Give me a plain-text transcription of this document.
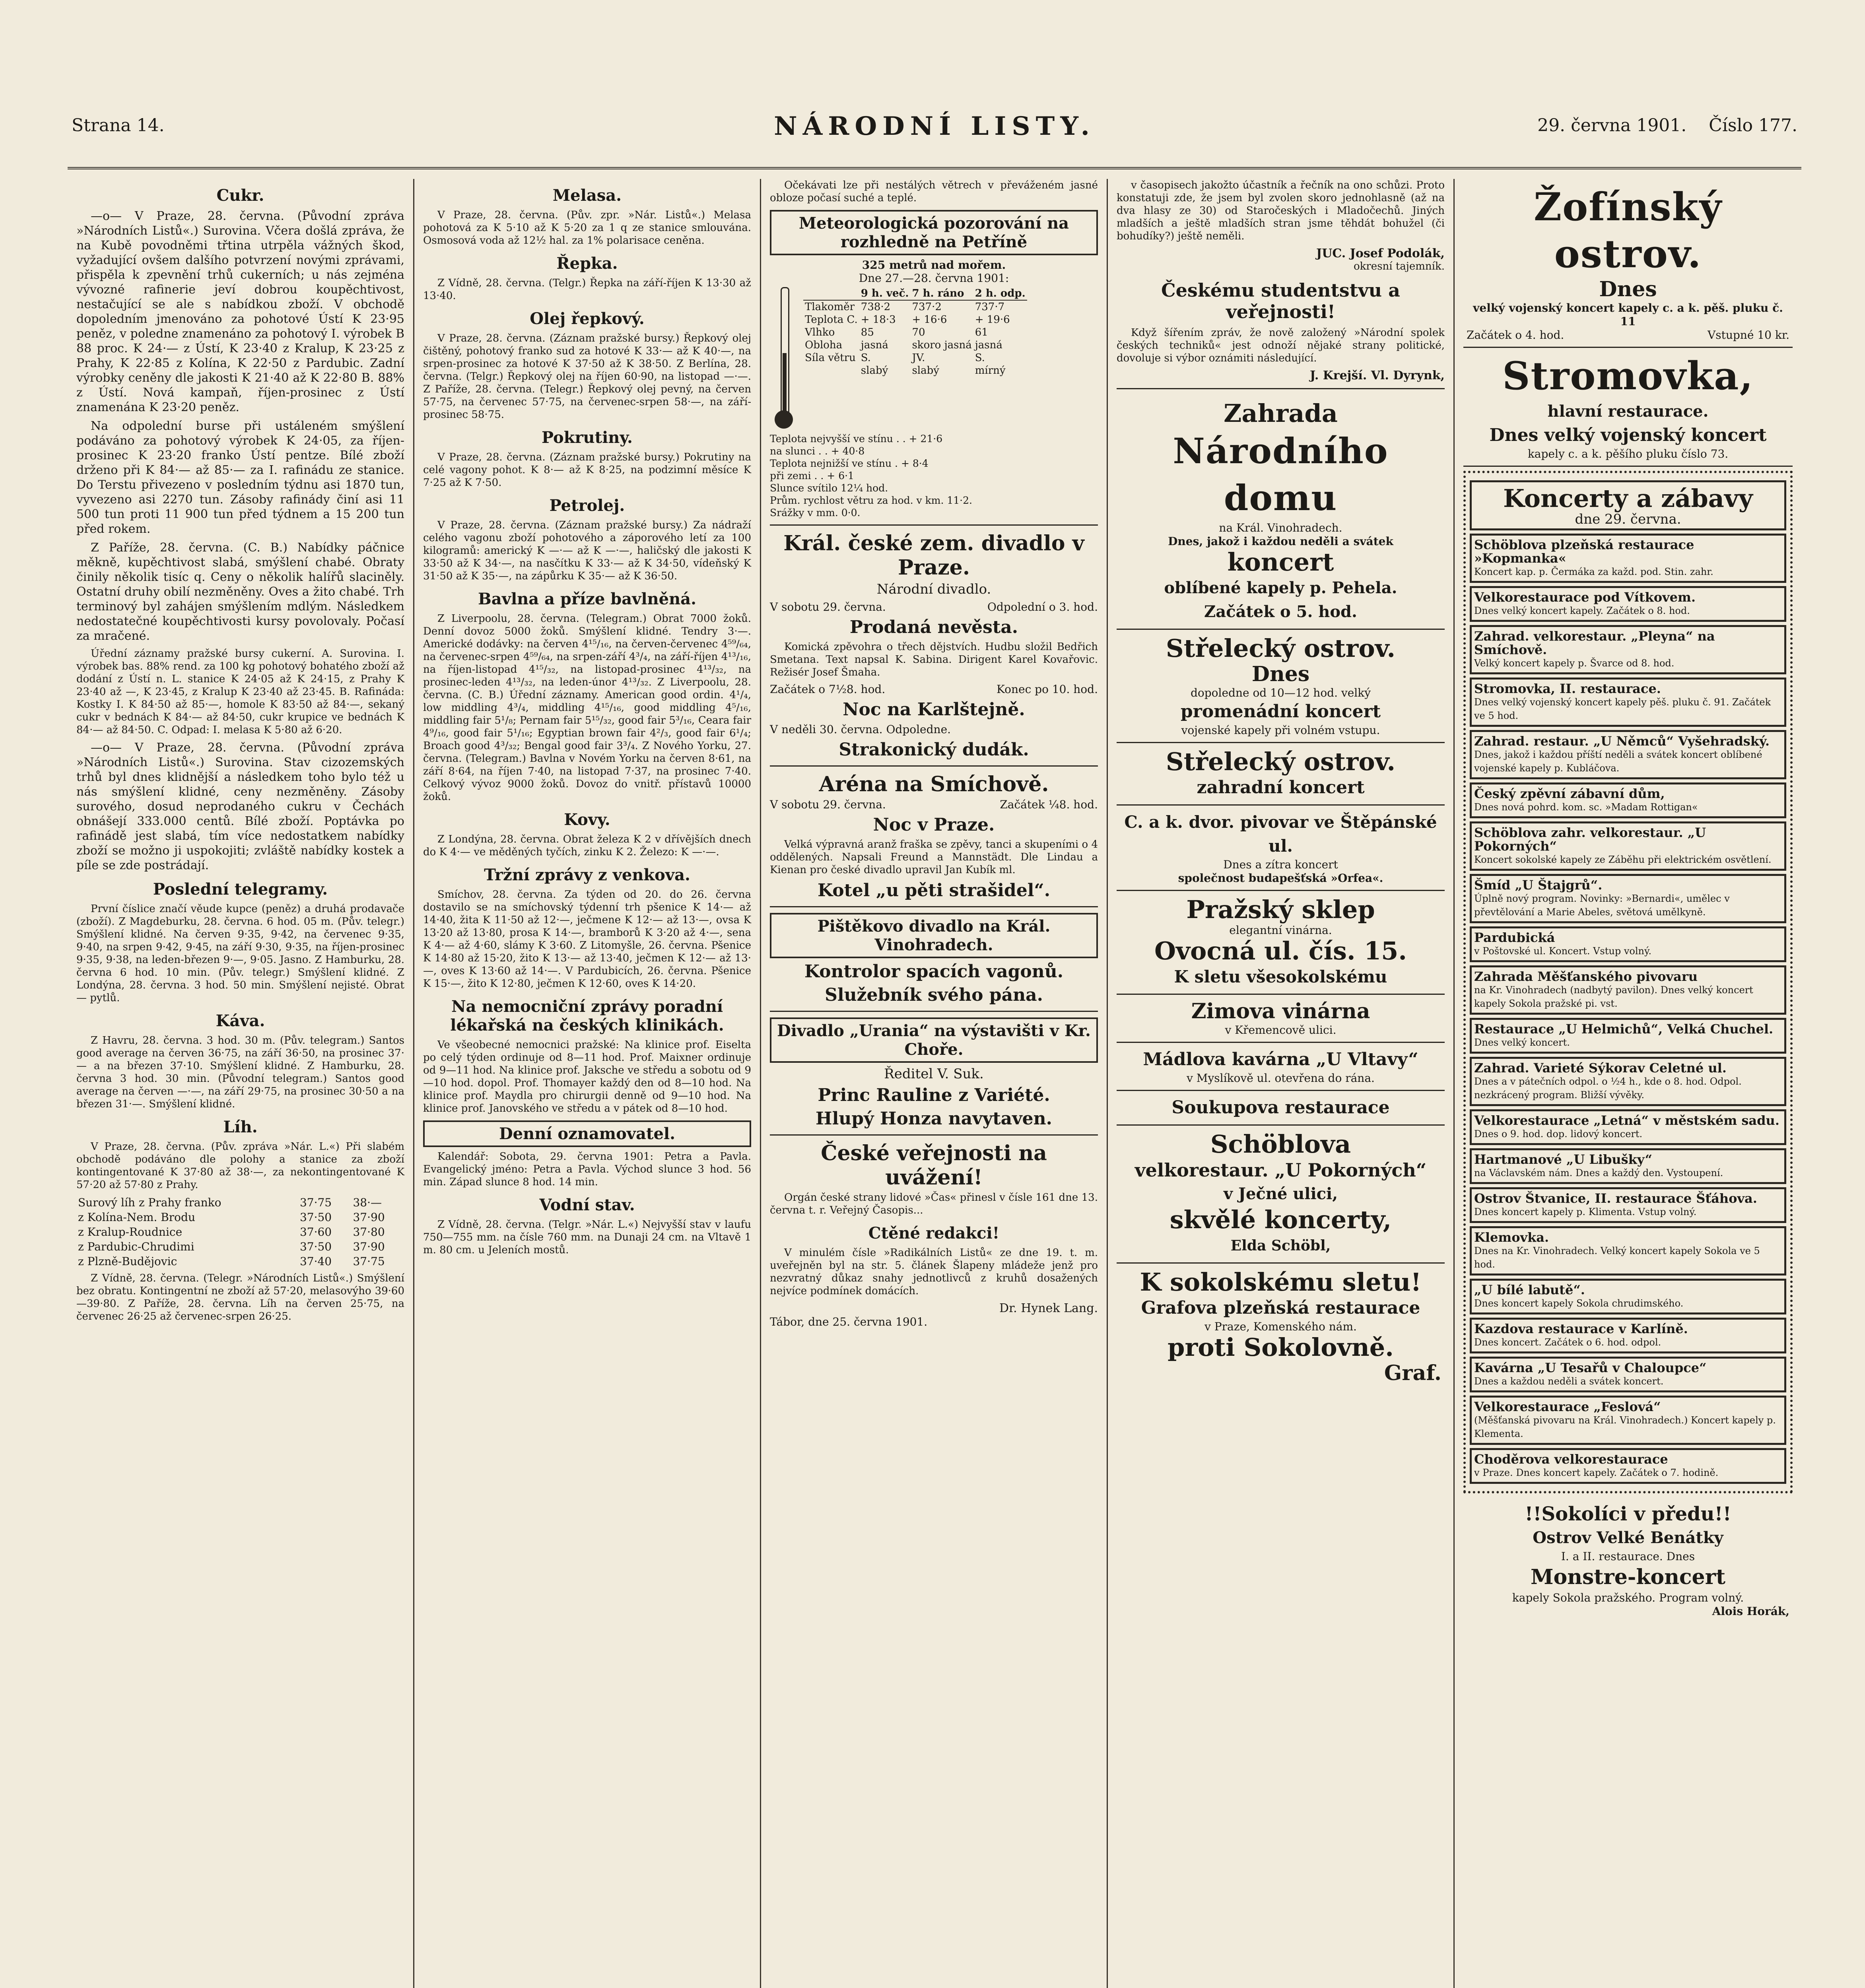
Strana 14.	NÁRODNÍ LISTY.	29. června 1901. Číslo 177.
Cukr.

—o— V Praze, 28. června. (Původní zpráva »Národních Listů«.) Surovina. Včera došlá zpráva, že na Kubě povodněmi třtina utrpěla vážných škod, vyžadující ovšem dalšího potvrzení novými zprávami, přispěla k zpevnění trhů cukerních; u nás zejména vývozné rafinerie jeví dobrou koupěchtivost, nestačující se ale s nabídkou zboží. V obchodě dopoledním jmenováno za pohotové Ústí K 23·95 peněz, v poledne znamenáno za pohotový I. výrobek B 88 proc. K 24·— z Ústí, K 23·40 z Kralup, K 23·25 z Prahy, K 22·85 z Kolína, K 22·50 z Pardubic. Zadní výrobky ceněny dle jakosti K 21·40 až K 22·80 B. 88% z Ústí. Nová kampaň, říjen-prosinec z Ústí znamenána K 23·20 peněz.

Na odpolední burse při ustáleném smýšlení podáváno za pohotový výrobek K 24·05, za říjen-prosinec K 23·20 franko Ústí pentze. Bílé zboží drženo při K 84·— až 85·— za I. rafinádu ze stanice. Do Terstu přivezeno v posledním týdnu asi 1870 tun, vyvezeno asi 2270 tun. Zásoby rafinády činí asi 11 500 tun proti 11 900 tun před týdnem a 15 200 tun před rokem.

Z Paříže, 28. června. (C. B.) Nabídky páčnice měkně, kupěchtivost slabá, smýšlení chabé. Obraty činily několik tisíc q. Ceny o několik halířů slaciněly. Ostatní druhy obilí nezměněny. Oves a žito chabé. Trh terminový byl zahájen smýšlením mdlým. Následkem nedostatečné koupěchtivosti kursy povolovaly. Počasí za mračené.

Úřední záznamy pražské bursy cukerní. A. Surovina. I. výrobek bas. 88% rend. za 100 kg pohotový bohatého zboží až dodání z Ústí n. L. stanice K 24·05 až K 24·15, z Prahy K 23·40 až —, K 23·45, z Kralup K 23·40 až 23·45. B. Rafináda: Kostky I. K 84·50 až 85·—, homole K 83·50 až 84·—, sekaný cukr v bednách K 84·— až 84·50, cukr krupice ve bednách K 84·— až 84·50. C. Odpad: I. melasa K 5·80 až 6·20.

—o— V Praze, 28. června. (Původní zpráva »Národních Listů«.) Surovina. Stav cizozemských trhů byl dnes klidnější a následkem toho bylo též u nás smýšlení klidné, ceny nezměněny. Zásoby surového, dosud neprodaného cukru v Čechách obnášejí 333.000 centů. Bílé zboží. Poptávka po rafinádě jest slabá, tím více nedostatkem nabídky zboží se možno ji uspokojiti; zvláště nabídky kostek a píle se zde postrádají.

Poslední telegramy.

První číslice značí věude kupce (peněz) a druhá prodavače (zboží). Z Magdeburku, 28. června. 6 hod. 05 m. (Pův. telegr.) Smýšlení klidné. Na červen 9·35, 9·42, na červenec 9·35, 9·40, na srpen 9·42, 9·45, na září 9·30, 9·35, na říjen-prosinec 9·35, 9·38, na leden-březen 9·—, 9·05. Jasno. Z Hamburku, 28. června 6 hod. 10 min. (Pův. telegr.) Smýšlení klidné. Z Londýna, 28. června. 3 hod. 50 min. Smýšlení nejisté. Obrat — pytlů.

Káva.

Z Havru, 28. června. 3 hod. 30 m. (Pův. telegram.) Santos good average na červen 36·75, na září 36·50, na prosinec 37·— a na březen 37·10. Smýšlení klidné. Z Hamburku, 28. června 3 hod. 30 min. (Původní telegram.) Santos good average na červen —·—, na září 29·75, na prosinec 30·50 a na březen 31·—. Smýšlení klidné.

Líh.

V Praze, 28. června. (Pův. zpráva »Nár. L.«) Při slabém obchodě podáváno dle polohy a stanice za zboží kontingentované K 37·80 až 38·—, za nekontingentované K 57·20 až 57·80 z Prahy.

Surový líh z Prahy franko	37·75	38·—
z Kolína-Nem. Brodu	37·50	37·90
z Kralup-Roudnice	37·60	37·80
z Pardubic-Chrudimi	37·50	37·90
z Plzně-Budějovic	37·40	37·75

Z Vídně, 28. června. (Telegr. »Národních Listů«.) Smýšlení bez obratu. Kontingentní ne zboží až 57·20, melasovýho 39·60—39·80. Z Paříže, 28. června. Líh na červen 25·75, na červenec 26·25 až červenec-srpen 26·25.

Melasa.

V Praze, 28. června. (Pův. zpr. »Nár. Listů«.) Melasa pohotová za K 5·10 až K 5·20 za 1 q ze stanice smlouvána. Osmosová voda až 12½ hal. za 1% polarisace ceněna.

Řepka.

Z Vídně, 28. června. (Telgr.) Řepka na září-říjen K 13·30 až 13·40.

Olej řepkový.

V Praze, 28. června. (Záznam pražské bursy.) Řepkový olej čištěný, pohotový franko sud za hotové K 33·— až K 40·—, na srpen-prosinec za hotové K 37·50 až K 38·50. Z Berlína, 28. června. (Telgr.) Řepkový olej na říjen 60·90, na listopad —·—. Z Paříže, 28. června. (Telegr.) Řepkový olej pevný, na červen 57·75, na červenec 57·75, na červenec-srpen 58·—, na září-prosinec 58·75.

Pokrutiny.

V Praze, 28. června. (Záznam pražské bursy.) Pokrutiny na celé vagony pohot. K 8·— až K 8·25, na podzimní měsíce K 7·25 až K 7·50.

Petrolej.

V Praze, 28. června. (Záznam pražské bursy.) Za nádraží celého vagonu zboží pohotového a záporového letí za 100 kilogramů: americký K —·— až K —·—, haličský dle jakosti K 33·50 až K 34·—, na nasčítku K 33·— až K 34·50, vídeňský K 31·50 až K 35·—, na zápůrku K 35·— až K 36·50.

Bavlna a příze bavlněná.

Z Liverpoolu, 28. června. (Telegram.) Obrat 7000 žoků. Denní dovoz 5000 žoků. Smýšlení klidné. Tendry 3·—. Americké dodávky: na červen 4¹⁵/₁₆, na červen-červenec 4⁵⁹/₆₄, na červenec-srpen 4⁵⁹/₆₄, na srpen-září 4³/₄, na září-říjen 4¹³/₁₆, na říjen-listopad 4¹⁵/₃₂, na listopad-prosinec 4¹³/₃₂, na prosinec-leden 4¹³/₃₂, na leden-únor 4¹³/₃₂. Z Liverpoolu, 28. června. (C. B.) Úřední záznamy. American good ordin. 4¹/₄, low middling 4³/₄, middling 4¹⁵/₁₆, good middling 4⁵/₁₆, middling fair 5¹/₈; Pernam fair 5¹⁵/₃₂, good fair 5³/₁₆, Ceara fair 4⁹/₁₆, good fair 5¹/₁₆; Egyptian brown fair 4²/₃, good fair 6¹/₄; Broach good 4³/₃₂; Bengal good fair 3³/₄. Z Nového Yorku, 27. června. (Telegram.) Bavlna v Novém Yorku na červen 8·61, na září 8·64, na říjen 7·40, na listopad 7·37, na prosinec 7·40. Celkový vývoz 9000 žoků. Dovoz do vnitř. přístavů 10000 žoků.

Kovy.

Z Londýna, 28. června. Obrat železa K 2 v dřívějších dnech do K 4·— ve měděných tyčích, zinku K 2. Železo: K —·—.

Tržní zprávy z venkova.

Smíchov, 28. června. Za týden od 20. do 26. června dostavilo se na smíchovský týdenní trh pšenice K 14·— až 14·40, žita K 11·50 až 12·—, ječmene K 12·— až 13·—, ovsa K 13·20 až 13·80, prosa K 14·—, bramborů K 3·20 až 4·—, sena K 4·— až 4·60, slámy K 3·60. Z Litomyšle, 26. června. Pšenice K 14·80 až 15·20, žito K 13·— až 13·40, ječmen K 12·— až 13·—, oves K 13·60 až 14·—. V Pardubicích, 26. června. Pšenice K 15·—, žito K 12·80, ječmen K 12·60, oves K 14·20.

Na nemocniční zprávy poradní lékařská na českých klinikách.

Ve všeobecné nemocnici pražské: Na klinice prof. Eiselta po celý týden ordinuje od 8—11 hod. Prof. Maixner ordinuje od 9—11 hod. Na klinice prof. Jaksche ve středu a sobotu od 9—10 hod. dopol. Prof. Thomayer každý den od 8—10 hod. Na klinice prof. Maydla pro chirurgii denně od 9—10 hod. Na klinice prof. Janovského ve středu a v pátek od 8—10 hod.

Denní oznamovatel.

Kalendář: Sobota, 29. června 1901: Petra a Pavla. Evangelický jméno: Petra a Pavla. Východ slunce 3 hod. 56 min. Západ slunce 8 hod. 14 min.

Vodní stav.

Z Vídně, 28. června. (Telgr. »Nár. L.«) Nejvyšší stav v laufu 750—755 mm. na čísle 760 mm. na Dunaji 24 cm. na Vltavě 1 m. 80 cm. u Jeleních mostů.

Očekávati lze při nestálých větrech v převáženém jasné obloze počasí suché a teplé.

Meteorologická pozorování na rozhledně na Petříně
325 metrů nad mořem.
Dne 27.—28. června 1901:
	9 h. več.	7 h. ráno	2 h. odp.
Tlakoměr	738·2	737·2	737·7
Teplota C.	+ 18·3	+ 16·6	+ 19·6
Vlhko	85	70	61
Oblohа	jasná	skoro jasná	jasná
Síla větru	S.	JV.	S.
	slabý	slabý	mírný
Teplota nejvyšší ve stínu . . + 21·6
na slunci . . + 40·8
Teplota nejnižší ve stínu . + 8·4
při zemi . . + 6·1
Slunce svítilo 12¼ hod.
Prům. rychlost větru za hod. v km. 11·2.
Srážky v mm. 0·0.
Král. české zem. divadlo v Praze.
Národní divadlo.
V sobotu 29. června.	Odpolední o 3. hod.
Prodaná nevěsta.

Komická zpěvohra o třech dějstvích. Hudbu složil Bedřich Smetana. Text napsal K. Sabina. Dirigent Karel Kovařovic. Režisér Josef Šmaha.

Začátek o 7½8. hod.	Konec po 10. hod.
Noc na Karlštejně.
V neděli 30. června. Odpoledne.
Strakonický dudák.
Aréna na Smíchově.
V sobotu 29. června.	Začátek ¼8. hod.
Noc v Praze.

Velká výpravná aranž fraška se zpěvy, tanci a skupeními o 4 oddělených. Napsali Freund a Mannstädt. Dle Lindau a Kienan pro české divadlo upravil Jan Kubík ml.

Kotel „u pěti strašidel“.
Pištěkovo divadlo na Král. Vinohradech.
Kontrolor spacích vagonů.
Služebník svého pána.
Divadlo „Urania“ na výstavišti v Kr. Choře.
Ředitel V. Suk.
Princ Rauline z Variété.
Hlupý Honza navytaven.
České veřejnosti na uvážení!

Orgán české strany lidové »Čas« přinesl v čísle 161 dne 13. června t. r. Veřejný Časopis...

Ctěné redakci!

V minulém čísle »Radikálních Listů« ze dne 19. t. m. uveřejněn byl na str. 5. článek Šlapeny mládeže jenž pro nezvratný důkaz snahy jednotlivců z kruhů dosažených nejvíce podmínek domácích.

Dr. Hynek Lang.
Tábor, dne 25. června 1901.

v časopisech jakožto účastník a řečník na ono schůzi. Proto konstatuji zde, že jsem byl zvolen skoro jednohlasně (až na dva hlasy ze 30) od Staročeských i Mladočechů. Jiných mladších a ještě mladších stran jsme těhdát bohužel (či bohudíky?) ještě neměli.

JUC. Josef Podolák,
okresní tajemník.
Českému studentstvu a veřejnosti!

Když šířením zpráv, že nově založený »Národní spolek českých techniků« jest odnoží nějaké strany politické, dovoluje si výbor oznámiti následující.

J. Krejší. Vl. Dyrynk,
Zahrada
Národního domu
na Král. Vinohradech.
Dnes, jakož i každou neděli a svátek
koncert
oblíbené kapely p. Pehela.
Začátek o 5. hod.
Střelecký ostrov.
Dnes
dopoledne od 10—12 hod. velký
promenádní koncert
vojenské kapely při volném vstupu.
Střelecký ostrov.
zahradní koncert
C. a k. dvor. pivovar ve Štěpánské ul.
Dnes a zítra koncert
společnost budapešťská »Orfea«.
Pražský sklep
elegantní vinárna.
Ovocná ul. čís. 15.
K sletu všesokolskému
Zimova vinárna
v Křemencově ulici.
Mádlova kavárna „U Vltavy“
v Myslíkově ul. otevřena do rána.
Soukupova restaurace
Schöblova
velkorestaur. „U Pokorných“
v Ječné ulici,
skvělé koncerty,
Elda Schöbl,
K sokolskému sletu!
Grafova plzeňská restaurace
v Praze, Komenského nám.
proti Sokolovně.
Graf.
Žofínský ostrov.
Dnes
velký vojenský koncert kapely c. a k. pěš. pluku č. 11
Začátek o 4. hod.	Vstupné 10 kr.
Stromovka,
hlavní restaurace.
Dnes velký vojenský koncert
kapely c. a k. pěšího pluku číslo 73.
Koncerty a zábavy
dne 29. června.
Schöblova plzeňská restaurace »Kopmanka«
Koncert kap. p. Čermáka za každ. pod. Stin. zahr.
Velkorestaurace pod Vítkovem.
Dnes velký koncert kapely. Začátek o 8. hod.
Zahrad. velkorestaur. „Pleyna“ na Smíchově.
Velký koncert kapely p. Švarce od 8. hod.
Stromovka, II. restaurace.
Dnes velký vojenský koncert kapely pěš. pluku č. 91. Začátek ve 5 hod.
Zahrad. restaur. „U Němců“ Vyšehradský.
Dnes, jakož i každou příští neděli a svátek koncert oblíbené vojenské kapely p. Kubláčova.
Český zpěvní zábavní dům,
Dnes nová pohrd. kom. sc. »Madam Rottigan«
Schöblova zahr. velkorestaur. „U Pokorných“
Koncert sokolské kapely ze Záběhu při elektrickém osvětlení.
Šmíd „U Štajgrů“.
Úplně nový program. Novinky: »Bernardi«, umělec v převtělování a Marie Abeles, světová umělkyně.
Pardubická
v Poštovské ul. Koncert. Vstup volný.
Zahrada Měšťanského pivovaru
na Kr. Vinohradech (nadbytý pavilon). Dnes velký koncert kapely Sokola pražské pi. vst.
Restaurace „U Helmichů“, Velká Chuchel.
Dnes velký koncert.
Zahrad. Varieté Sýkorav Celetné ul.
Dnes a v pátečních odpol. o ½4 h., kde o 8. hod. Odpol. nezkrácený program. Bližší vývěky.
Velkorestaurace „Letná“ v městském sadu.
Dnes o 9. hod. dop. lidový koncert.
Hartmanové „U Libušky“
na Václavském nám. Dnes a každý den. Vystoupení.
Ostrov Štvanice, II. restaurace Šťáhova.
Dnes koncert kapely p. Klimenta. Vstup volný.
Klemovka.
Dnes na Kr. Vinohradech. Velký koncert kapely Sokola ve 5 hod.
„U bílé labutě“.
Dnes koncert kapely Sokola chrudimského.
Kazdova restaurace v Karlíně.
Dnes koncert. Začátek o 6. hod. odpol.
Kavárna „U Tesařů v Chaloupce“
Dnes a každou neděli a svátek koncert.
Velkorestaurace „Feslová“
(Měšťanská pivovaru na Král. Vinohradech.) Koncert kapely p. Klementa.
Choděrova velkorestaurace
v Praze. Dnes koncert kapely. Začátek o 7. hodině.
!!Sokolíci v předu!!
Ostrov Velké Benátky
I. a II. restaurace. Dnes
Monstre-koncert
kapely Sokola pražského. Program volný.
Alois Horák,
